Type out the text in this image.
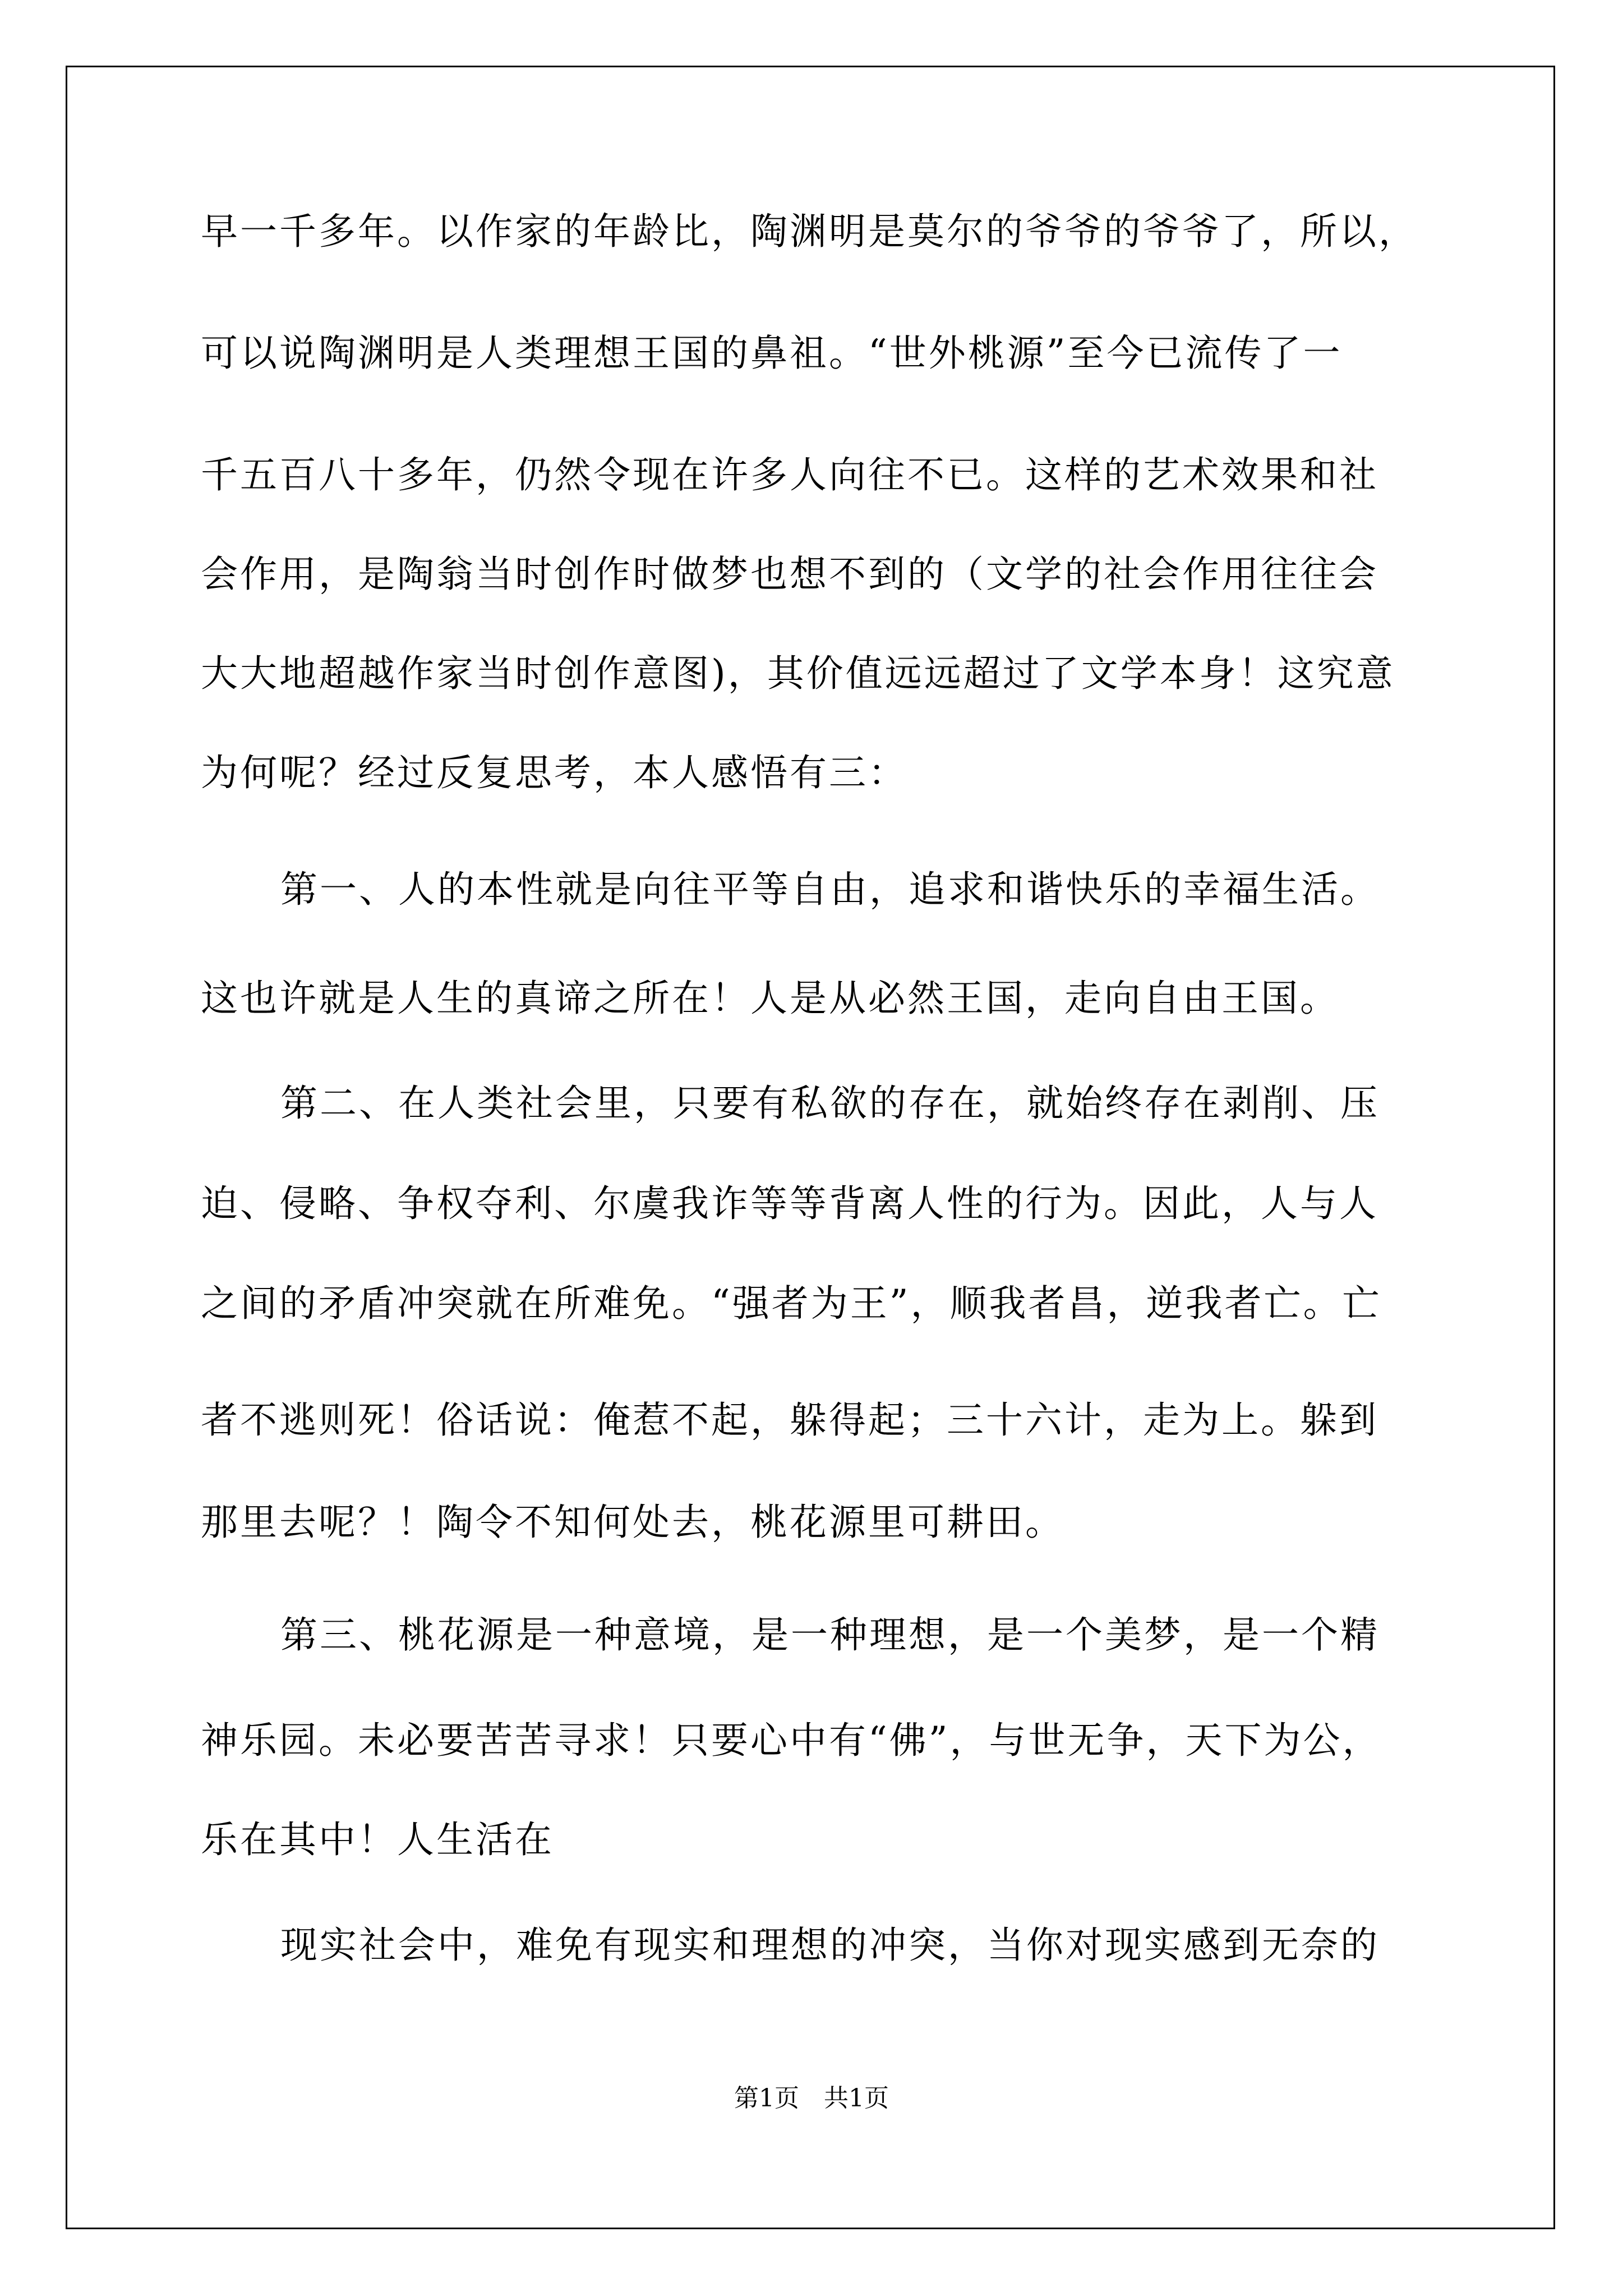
早一千多年。以作家的年龄比，陶渊明是莫尔的爷爷的爷爷了，所以，
可以说陶渊明是人类理想王国的鼻祖。“世外桃源”至今已流传了一
千五百八十多年，仍然令现在许多人向往不已。这样的艺术效果和社
会作用，是陶翁当时创作时做梦也想不到的（文学的社会作用往往会
大大地超越作家当时创作意图)，其价值远远超过了文学本身！这究意
为何呢？经过反复思考，本人感悟有三：
第一、人的本性就是向往平等自由，追求和谐快乐的幸福生活。
这也许就是人生的真谛之所在！人是从必然王国，走向自由王国。
第二、在人类社会里，只要有私欲的存在，就始终存在剥削、压
迫、侵略、争权夺利、尔虞我诈等等背离人性的行为。因此，人与人
之间的矛盾冲突就在所难免。“强者为王”，顺我者昌，逆我者亡。亡
者不逃则死！俗话说：俺惹不起，躲得起；三十六计，走为上。躲到
那里去呢？！陶令不知何处去，桃花源里可耕田。
第三、桃花源是一种意境，是一种理想，是一个美梦，是一个精
神乐园。未必要苦苦寻求！只要心中有“佛”，与世无争，天下为公，
乐在其中！人生活在
现实社会中，难免有现实和理想的冲突，当你对现实感到无奈的
第1页　共1页
